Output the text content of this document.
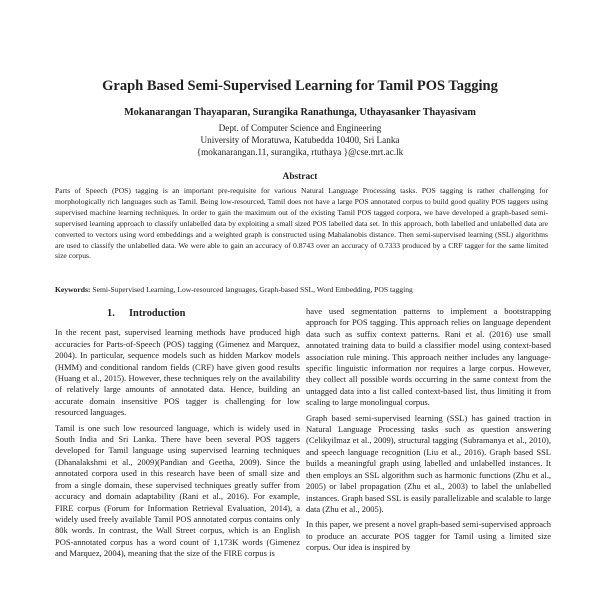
Graph Based Semi-Supervised Learning for Tamil POS Tagging
Mokanarangan Thayaparan, Surangika Ranathunga, Uthayasanker Thayasivam
Dept. of Computer Science and Engineering
University of Moratuwa, Katubedda 10400, Sri Lanka
{mokanarangan.11, surangika, rtuthaya }@cse.mrt.ac.lk
Abstract

Parts of Speech (POS) tagging is an important pre-requisite for various Natural Language Processing tasks. POS tagging is rather challenging for morphologically rich languages such as Tamil. Being low-resourced, Tamil does not have a large POS annotated corpus to build good quality POS taggers using supervised machine learning techniques. In order to gain the maximum out of the existing Tamil POS tagged corpora, we have developed a graph-based semi-supervised learning approach to classify unlabelled data by exploiting a small sized POS labelled data set. In this approach, both labelled and unlabelled data are converted to vectors using word embeddings and a weighted graph is constructed using Mahalanobis distance. Then semi-supervised learning (SSL) algorithms are used to classify the unlabelled data. We were able to gain an accuracy of 0.8743 over an accuracy of 0.7333 produced by a CRF tagger for the same limited size corpus.

Keywords: Semi-Supervised Learning, Low-resourced languages, Graph-based SSL, Word Embedding, POS tagging
1. Introduction

In the recent past, supervised learning methods have produced high accuracies for Parts-of-Speech (POS) tagging (Gimenez and Marquez, 2004). In particular, sequence models such as hidden Markov models (HMM) and conditional random fields (CRF) have given good results (Huang et al., 2015). However, these techniques rely on the availability of relatively large amounts of annotated data. Hence, building an accurate domain insensitive POS tagger is challenging for low resourced languages.

Tamil is one such low resourced language, which is widely used in South India and Sri Lanka. There have been several POS taggers developed for Tamil language using supervised learning techniques (Dhanalakshmi et al., 2009)(Pandian and Geetha, 2009). Since the annotated corpora used in this research have been of small size and from a single domain, these supervised techniques greatly suffer from accuracy and domain adaptability (Rani et al., 2016). For example, FIRE corpus (Forum for Information Retrieval Evaluation, 2014), a widely used freely available Tamil POS annotated corpus contains only 80k words. In contrast, the Wall Street corpus, which is an English POS-annotated corpus has a word count of 1,173K words (Gimenez and Marquez, 2004), meaning that the size of the FIRE corpus is

have used segmentation patterns to implement a bootstrapping approach for POS tagging. This approach relies on language dependent data such as suffix context patterns. Rani et al. (2016) use small annotated training data to build a classifier model using context-based association rule mining. This approach neither includes any language-specific linguistic information nor requires a large corpus. However, they collect all possible words occurring in the same context from the untagged data into a list called context-based list, thus limiting it from scaling to large monolingual corpus.

Graph based semi-supervised learning (SSL) has gained traction in Natural Language Processing tasks such as question answering (Celikyilmaz et al., 2009), structural tagging (Subramanya et al., 2010), and speech language recognition (Liu et al., 2016). Graph based SSL builds a meaningful graph using labelled and unlabelled instances. It then employs an SSL algorithm such as harmonic functions (Zhu et al., 2005) or label propagation (Zhu et al., 2003) to label the unlabelled instances. Graph based SSL is easily parallelizable and scalable to large data (Zhu et al., 2005).

In this paper, we present a novel graph-based semi-supervised approach to produce an accurate POS tagger for Tamil using a limited size corpus. Our idea is inspired by
